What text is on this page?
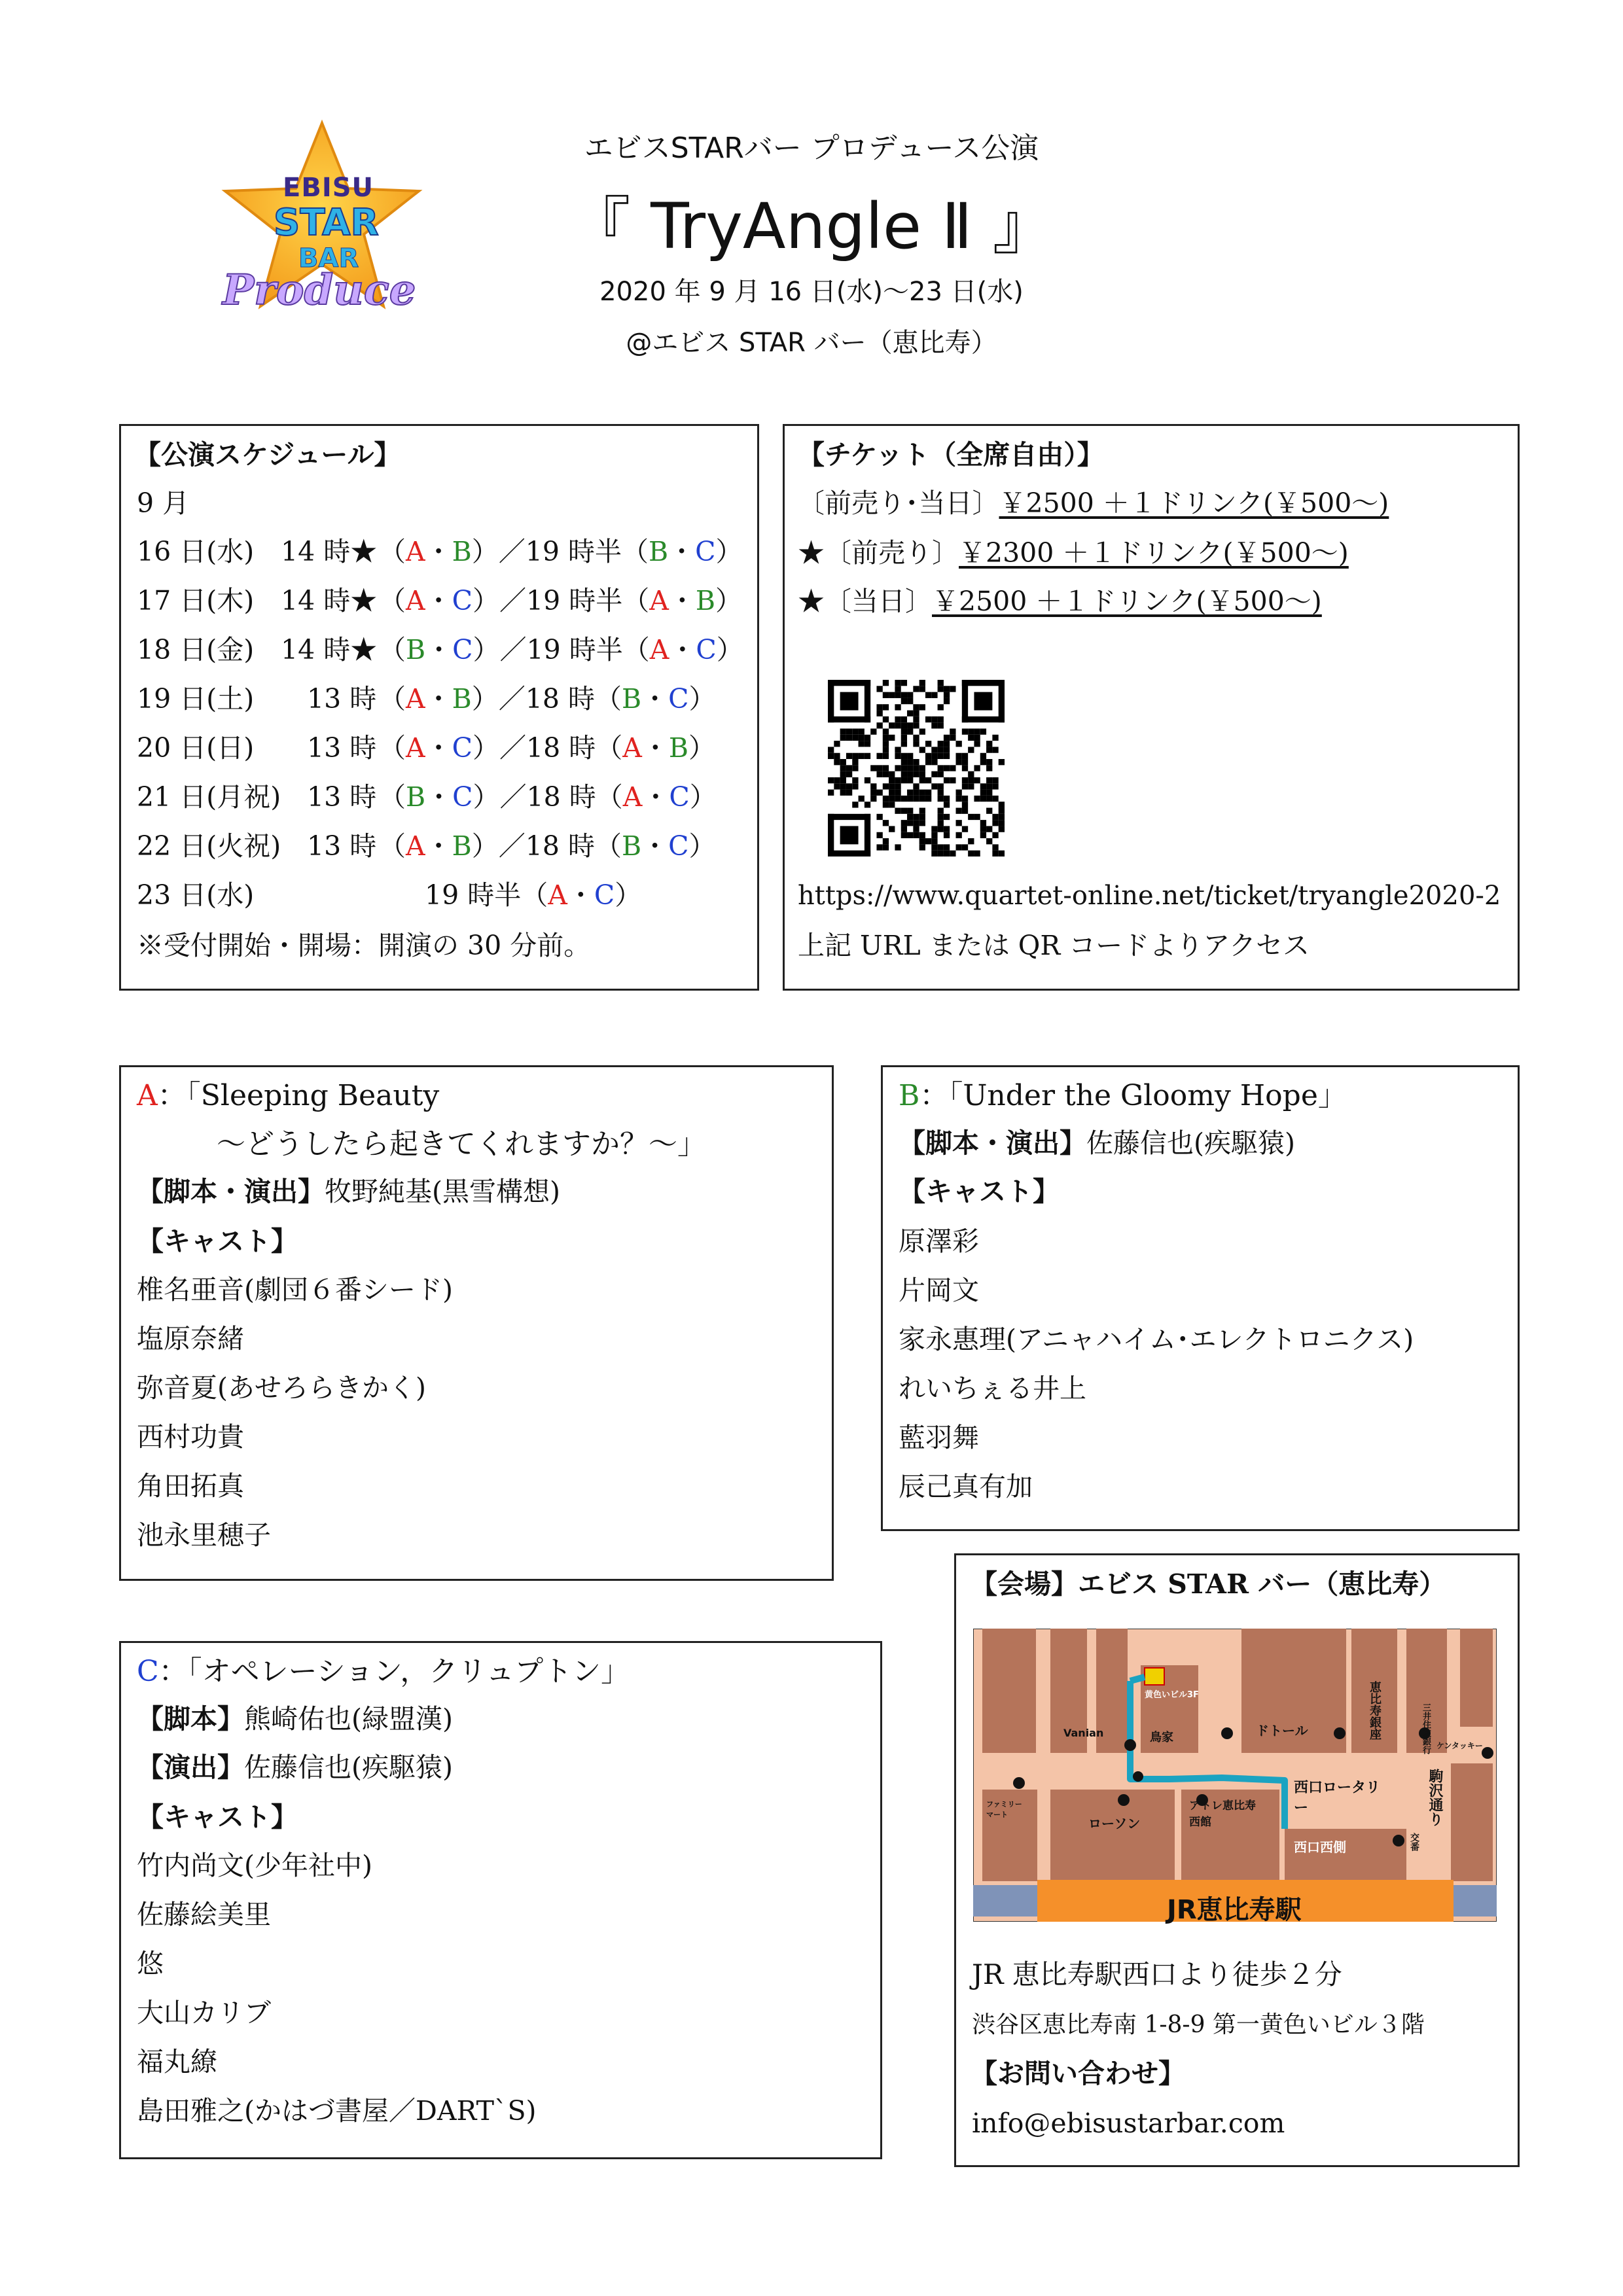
EBISU
STAR
BAR
Produce
エビスSTARバー プロデュース公演
『 TryAngle Ⅱ 』
2020 年 9 月 16 日(水)～23 日(水)
@エビス STAR バー（恵比寿）
【公演スケジュール】
9 月
16 日(水) 14 時★（A・B）／19 時半（B・C）
17 日(木) 14 時★（A・C）／19 時半（A・B）
18 日(金) 14 時★（B・C）／19 時半（A・C）
19 日(土) 13 時（A・B）／18 時（B・C）
20 日(日) 13 時（A・C）／18 時（A・B）
21 日(月祝) 13 時（B・C）／18 時（A・C）
22 日(火祝) 13 時（A・B）／18 時（B・C）
23 日(水)	19 時半（A・C）
※受付開始・開場：開演の 30 分前。
【チケット（全席自由）】
〔前売り･当日〕￥2500 ＋１ドリンク(￥500～)
★〔前売り〕￥2300 ＋１ドリンク(￥500～)
★〔当日〕￥2500 ＋１ドリンク(￥500～)
https://www.quartet-online.net/ticket/tryangle2020-2
上記 URL または QR コードよりアクセス
A：「Sleeping Beauty
～どうしたら起きてくれますか？～」
【脚本・演出】牧野純基(黒雪構想)
【キャスト】
椎名亜音(劇団６番シード)
塩原奈緒
弥音夏(あせろらきかく)
西村功貴
角田拓真
池永里穂子
B：「Under the Gloomy Hope」
【脚本・演出】佐藤信也(疾駆猿)
【キャスト】
原澤彩
片岡文
家永惠理(アニャハイム･エレクトロニクス)
れいちぇる井上
藍羽舞
辰己真有加
C：「オペレーション，クリュプトン」
【脚本】熊崎佑也(緑盟漢)
【演出】佐藤信也(疾駆猿)
【キャスト】
竹内尚文(少年社中)
佐藤絵美里
悠
大山カリブ
福丸繚
島田雅之(かはづ書屋／DART`S)
【会場】エビス STAR バー（恵比寿）
黄色いビル3F
Vanian	鳥家	ドトール	恵比寿銀座	三井住友銀行 ケンタッキー
ファミリーマート
ローソン
アトレ恵比寿西館
西口ロータリー	駒沢通り
西口西側	交番
JR恵比寿駅
JR 恵比寿駅西口より徒歩２分
渋谷区恵比寿南 1-8-9 第一黄色いビル３階
【お問い合わせ】
info@ebisustarbar.com
